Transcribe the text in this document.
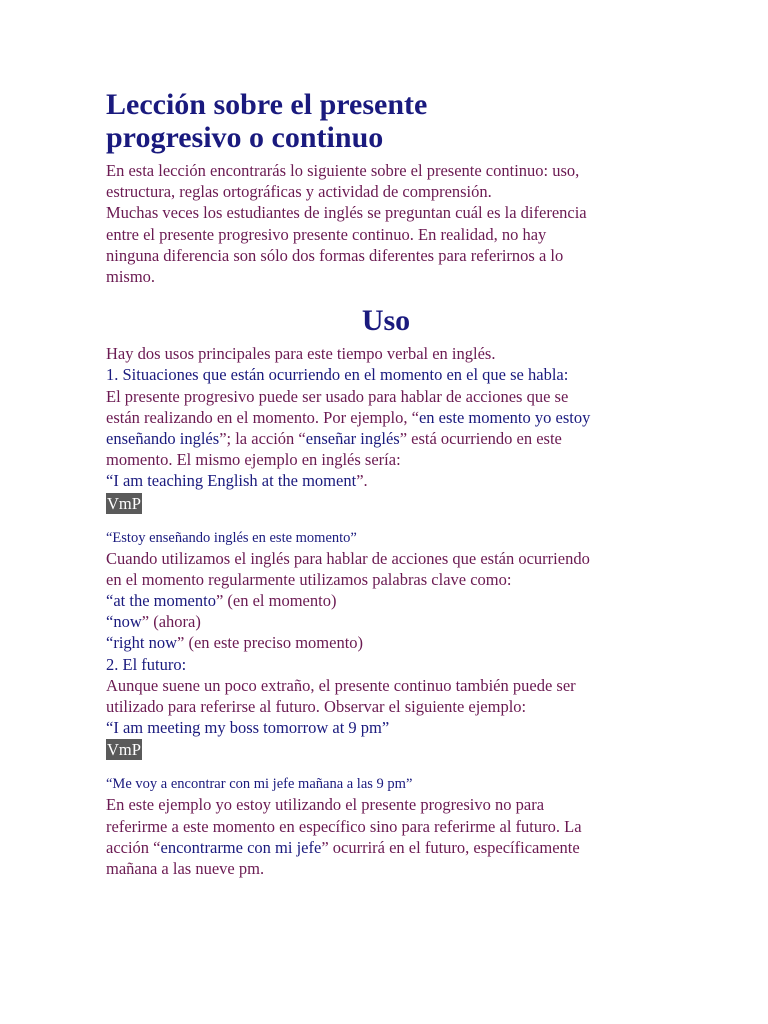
Lección sobre el presente
progresivo o continuo

En esta lección encontrarás lo siguiente sobre el presente continuo: uso,

estructura, reglas ortográficas y actividad de comprensión.

Muchas veces los estudiantes de inglés se preguntan cuál es la diferencia

entre el presente progresivo presente continuo. En realidad, no hay

ninguna diferencia son sólo dos formas diferentes para referirnos a lo

mismo.

Uso

Hay dos usos principales para este tiempo verbal en inglés.

1. Situaciones que están ocurriendo en el momento en el que se habla:

El presente progresivo puede ser usado para hablar de acciones que se

están realizando en el momento. Por ejemplo, “en este momento yo estoy

enseñando inglés”; la acción “enseñar inglés” está ocurriendo en este

momento. El mismo ejemplo en inglés sería:

“I am teaching English at the moment”.

VmP

“Estoy enseñando inglés en este momento”

Cuando utilizamos el inglés para hablar de acciones que están ocurriendo

en el momento regularmente utilizamos palabras clave como:

“at the momento” (en el momento)

“now” (ahora)

“right now” (en este preciso momento)

2. El futuro:

Aunque suene un poco extraño, el presente continuo también puede ser

utilizado para referirse al futuro. Observar el siguiente ejemplo:

“I am meeting my boss tomorrow at 9 pm”

VmP

“Me voy a encontrar con mi jefe mañana a las 9 pm”

En este ejemplo yo estoy utilizando el presente progresivo no para

referirme a este momento en específico sino para referirme al futuro. La

acción “encontrarme con mi jefe” ocurrirá en el futuro, específicamente

mañana a las nueve pm.
